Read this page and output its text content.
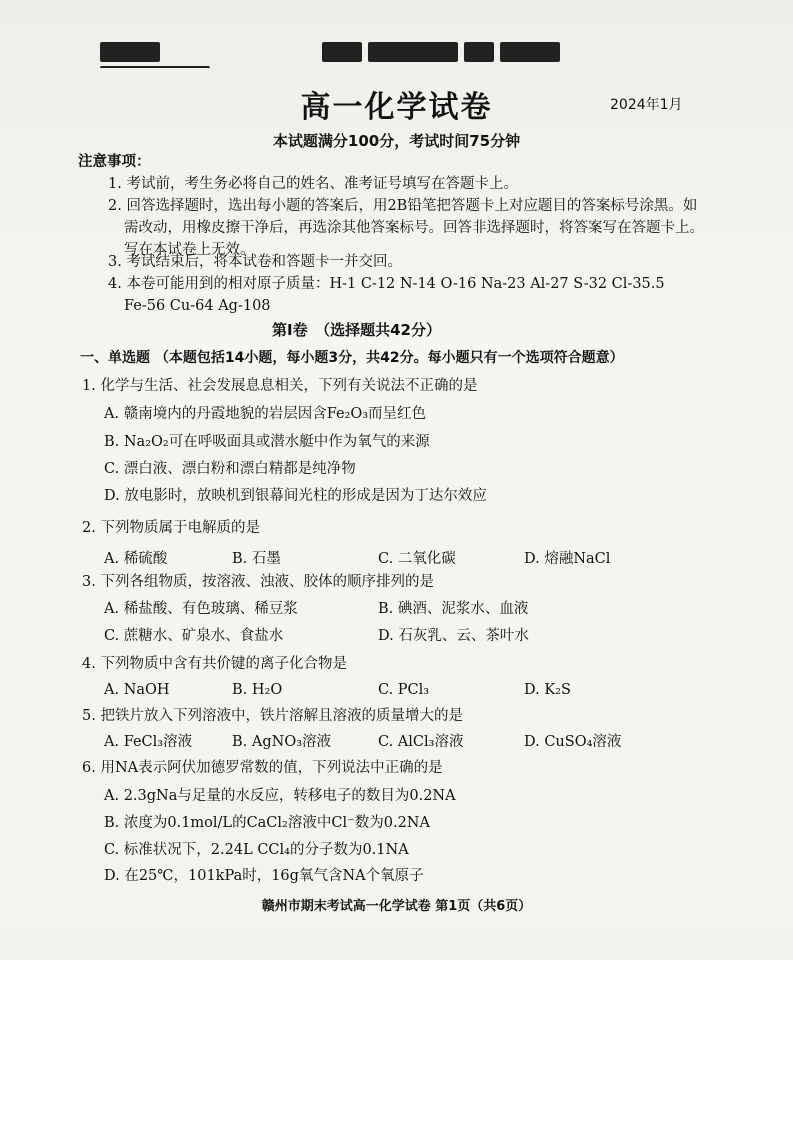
高一化学试卷	2024年1月
本试题满分100分，考试时间75分钟
注意事项：
1. 考试前，考生务必将自己的姓名、准考证号填写在答题卡上。
2. 回答选择题时，选出每小题的答案后，用2B铅笔把答题卡上对应题目的答案标号涂黑。如
需改动，用橡皮擦干净后，再选涂其他答案标号。回答非选择题时，将答案写在答题卡上。
写在本试卷上无效。
3. 考试结束后，将本试卷和答题卡一并交回。
4. 本卷可能用到的相对原子质量：H-1 C-12 N-14 O-16 Na-23 Al-27 S-32 Cl-35.5
Fe-56 Cu-64 Ag-108
第Ⅰ卷　（选择题共42分）
一、单选题 （本题包括14小题，每小题3分，共42分。每小题只有一个选项符合题意）
1. 化学与生活、社会发展息息相关，下列有关说法不正确的是
A. 赣南境内的丹霞地貌的岩层因含Fe₂O₃而呈红色
B. Na₂O₂可在呼吸面具或潜水艇中作为氧气的来源
C. 漂白液、漂白粉和漂白精都是纯净物
D. 放电影时，放映机到银幕间光柱的形成是因为丁达尔效应
2. 下列物质属于电解质的是
A. 稀硫酸	B. 石墨	C. 二氧化碳	D. 熔融NaCl
3. 下列各组物质，按溶液、浊液、胶体的顺序排列的是
A. 稀盐酸、有色玻璃、稀豆浆	B. 碘酒、泥浆水、血液
C. 蔗糖水、矿泉水、食盐水	D. 石灰乳、云、茶叶水
4. 下列物质中含有共价键的离子化合物是
A. NaOH	B. H₂O	C. PCl₃	D. K₂S
5. 把铁片放入下列溶液中，铁片溶解且溶液的质量增大的是
A. FeCl₃溶液	B. AgNO₃溶液	C. AlCl₃溶液	D. CuSO₄溶液
6. 用NA表示阿伏加德罗常数的值，下列说法中正确的是
A. 2.3gNa与足量的水反应，转移电子的数目为0.2NA
B. 浓度为0.1mol/L的CaCl₂溶液中Cl⁻数为0.2NA
C. 标准状况下，2.24L CCl₄的分子数为0.1NA
D. 在25℃，101kPa时，16g氧气含NA个氧原子
赣州市期末考试高一化学试卷 第1页（共6页）
